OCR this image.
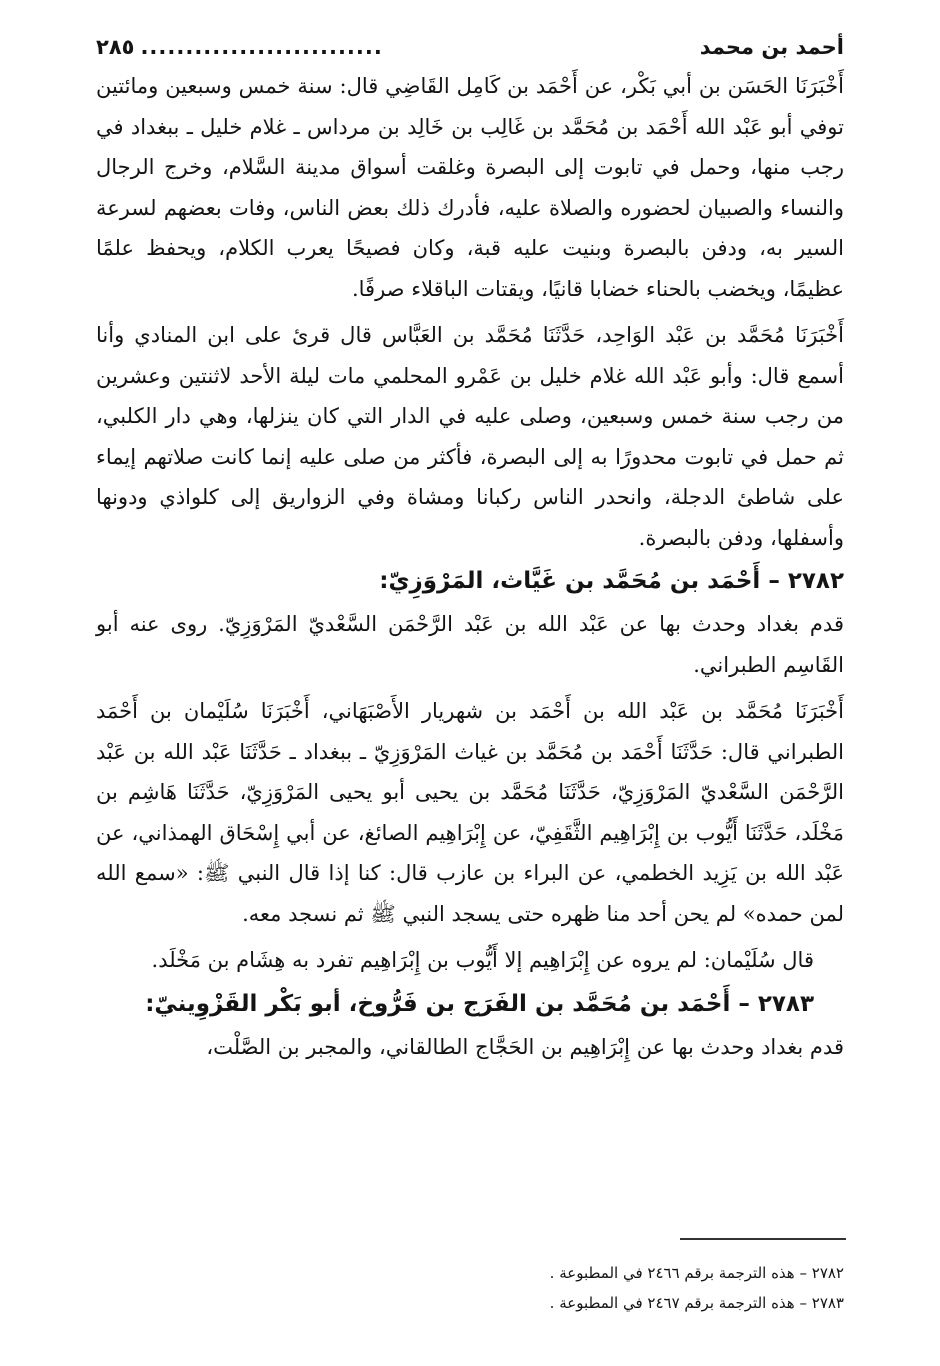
أحمد بن محمد
...........................
٢٨٥

أَخْبَرَنَا الحَسَن بن أبي بَكْر، عن أَحْمَد بن كَامِل القَاضِي قال: سنة خمس وسبعين ومائتين توفي أبو عَبْد الله أَحْمَد بن مُحَمَّد بن غَالِب بن خَالِد بن مرداس ـ غلام خليل ـ ببغداد في رجب منها، وحمل في تابوت إلى البصرة وغلقت أسواق مدينة السَّلام، وخرج الرجال والنساء والصبيان لحضوره والصلاة عليه، فأدرك ذلك بعض الناس، وفات بعضهم لسرعة السير به، ودفن بالبصرة وبنيت عليه قبة، وكان فصيحًا يعرب الكلام، ويحفظ علمًا عظيمًا، ويخضب بالحناء خضابا قانيًا، ويقتات الباقلاء صرفًا.

أَخْبَرَنَا مُحَمَّد بن عَبْد الوَاحِد، حَدَّثَنَا مُحَمَّد بن العَبَّاس قال قرئ على ابن المنادي وأنا أسمع قال: وأبو عَبْد الله غلام خليل بن عَمْرو المحلمي مات ليلة الأحد لاثنتين وعشرين من رجب سنة خمس وسبعين، وصلى عليه في الدار التي كان ينزلها، وهي دار الكلبي، ثم حمل في تابوت محدورًا به إلى البصرة، فأكثر من صلى عليه إنما كانت صلاتهم إيماء على شاطئ الدجلة، وانحدر الناس ركبانا ومشاة وفي الزواريق إلى كلواذي ودونها وأسفلها، ودفن بالبصرة.

٢٧٨٢ – أَحْمَد بن مُحَمَّد بن غَيَّاث، المَرْوَزِيّ:

قدم بغداد وحدث بها عن عَبْد الله بن عَبْد الرَّحْمَن السَّعْديّ المَرْوَزِيّ. روى عنه أبو القَاسِم الطبراني.

أَخْبَرَنَا مُحَمَّد بن عَبْد الله بن أَحْمَد بن شهريار الأَصْبَهَاني، أَخْبَرَنَا سُلَيْمان بن أَحْمَد الطبراني قال: حَدَّثَنَا أَحْمَد بن مُحَمَّد بن غياث المَرْوَزِيّ ـ ببغداد ـ حَدَّثَنَا عَبْد الله بن عَبْد الرَّحْمَن السَّعْديّ المَرْوَزِيّ، حَدَّثَنَا مُحَمَّد بن يحيى أبو يحيى المَرْوَزِيّ، حَدَّثَنَا هَاشِم بن مَخْلَد، حَدَّثَنَا أَيُّوب بن إِبْرَاهِيم الثَّقَفِيّ، عن إِبْرَاهِيم الصائغ، عن أبي إِسْحَاق الهمذاني، عن عَبْد الله بن يَزِيد الخطمي، عن البراء بن عازب قال: كنا إذا قال النبي ﷺ: «سمع الله لمن حمده» لم يحن أحد منا ظهره حتى يسجد النبي ﷺ ثم نسجد معه.

قال سُلَيْمان: لم يروه عن إِبْرَاهِيم إلا أَيُّوب بن إِبْرَاهِيم تفرد به هِشَام بن مَخْلَد.

٢٧٨٣ – أَحْمَد بن مُحَمَّد بن الفَرَج بن فَرُّوخ، أبو بَكْر القَزْوِينيّ:

قدم بغداد وحدث بها عن إِبْرَاهِيم بن الحَجَّاج الطالقاني، والمجبر بن الصَّلْت،

٢٧٨٢ – هذه الترجمة برقم ٢٤٦٦ في المطبوعة .
٢٧٨٣ – هذه الترجمة برقم ٢٤٦٧ في المطبوعة .
